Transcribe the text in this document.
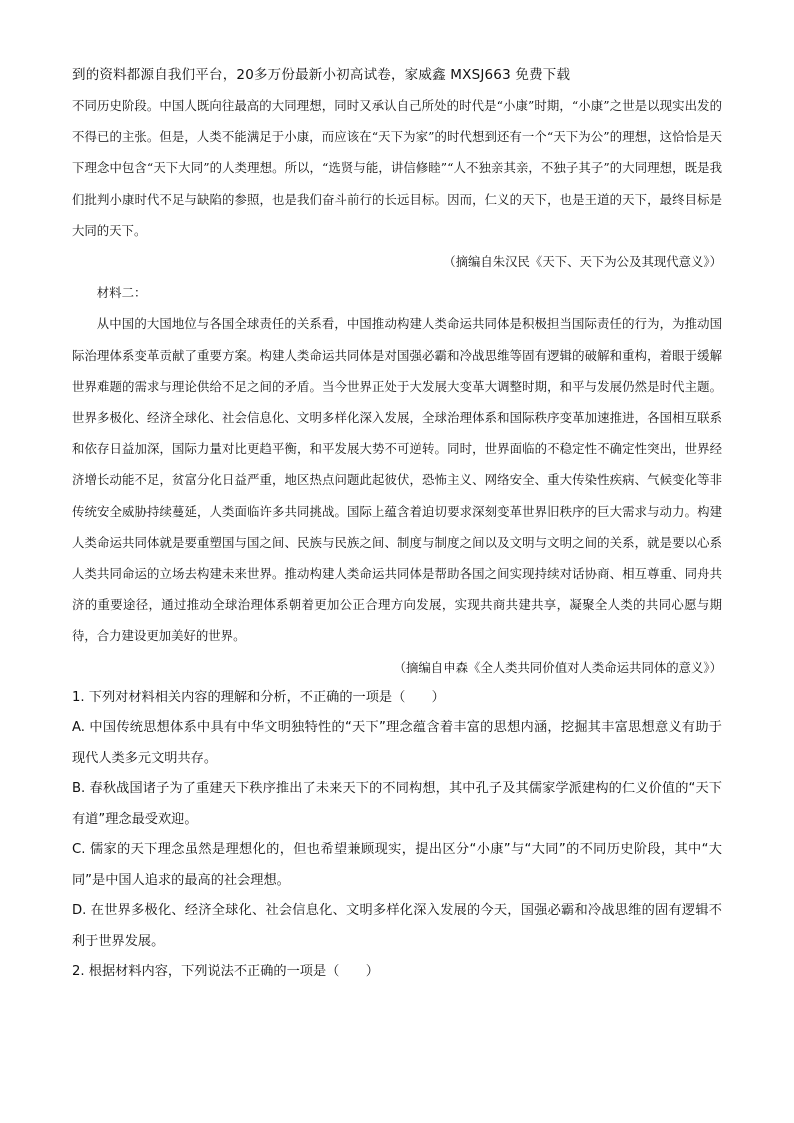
到的资料都源自我们平台，20多万份最新小初高试卷，家威鑫 MXSJ663 免费下载

不同历史阶段。中国人既向往最高的大同理想，同时又承认自己所处的时代是“小康”时期，“小康”之世是以现实出发的不得已的主张。但是，人类不能满足于小康，而应该在“天下为家”的时代想到还有一个“天下为公”的理想，这恰恰是天下理念中包含“天下大同”的人类理想。所以，“选贤与能，讲信修睦”“人不独亲其亲，不独子其子”的大同理想，既是我们批判小康时代不足与缺陷的参照，也是我们奋斗前行的长远目标。因而，仁义的天下，也是王道的天下，最终目标是大同的天下。

（摘编自朱汉民《天下、天下为公及其现代意义》）

材料二：

从中国的大国地位与各国全球责任的关系看，中国推动构建人类命运共同体是积极担当国际责任的行为，为推动国际治理体系变革贡献了重要方案。构建人类命运共同体是对国强必霸和冷战思维等固有逻辑的破解和重构，着眼于缓解世界难题的需求与理论供给不足之间的矛盾。当今世界正处于大发展大变革大调整时期，和平与发展仍然是时代主题。世界多极化、经济全球化、社会信息化、文明多样化深入发展，全球治理体系和国际秩序变革加速推进，各国相互联系和依存日益加深，国际力量对比更趋平衡，和平发展大势不可逆转。同时，世界面临的不稳定性不确定性突出，世界经济增长动能不足，贫富分化日益严重，地区热点问题此起彼伏，恐怖主义、网络安全、重大传染性疾病、气候变化等非传统安全威胁持续蔓延，人类面临许多共同挑战。国际上蕴含着迫切要求深刻变革世界旧秩序的巨大需求与动力。构建人类命运共同体就是要重塑国与国之间、民族与民族之间、制度与制度之间以及文明与文明之间的关系，就是要以心系人类共同命运的立场去构建未来世界。推动构建人类命运共同体是帮助各国之间实现持续对话协商、相互尊重、同舟共济的重要途径，通过推动全球治理体系朝着更加公正合理方向发展，实现共商共建共享，凝聚全人类的共同心愿与期待，合力建设更加美好的世界。

（摘编自申森《全人类共同价值对人类命运共同体的意义》）

1. 下列对材料相关内容的理解和分析，不正确的一项是（　　）

A. 中国传统思想体系中具有中华文明独特性的“天下”理念蕴含着丰富的思想内涵，挖掘其丰富思想意义有助于现代人类多元文明共存。

B. 春秋战国诸子为了重建天下秩序推出了未来天下的不同构想，其中孔子及其儒家学派建构的仁义价值的“天下有道”理念最受欢迎。

C. 儒家的天下理念虽然是理想化的，但也希望兼顾现实，提出区分“小康”与“大同”的不同历史阶段，其中“大同”是中国人追求的最高的社会理想。

D. 在世界多极化、经济全球化、社会信息化、文明多样化深入发展的今天，国强必霸和冷战思维的固有逻辑不利于世界发展。

2. 根据材料内容，下列说法不正确的一项是（　　）
